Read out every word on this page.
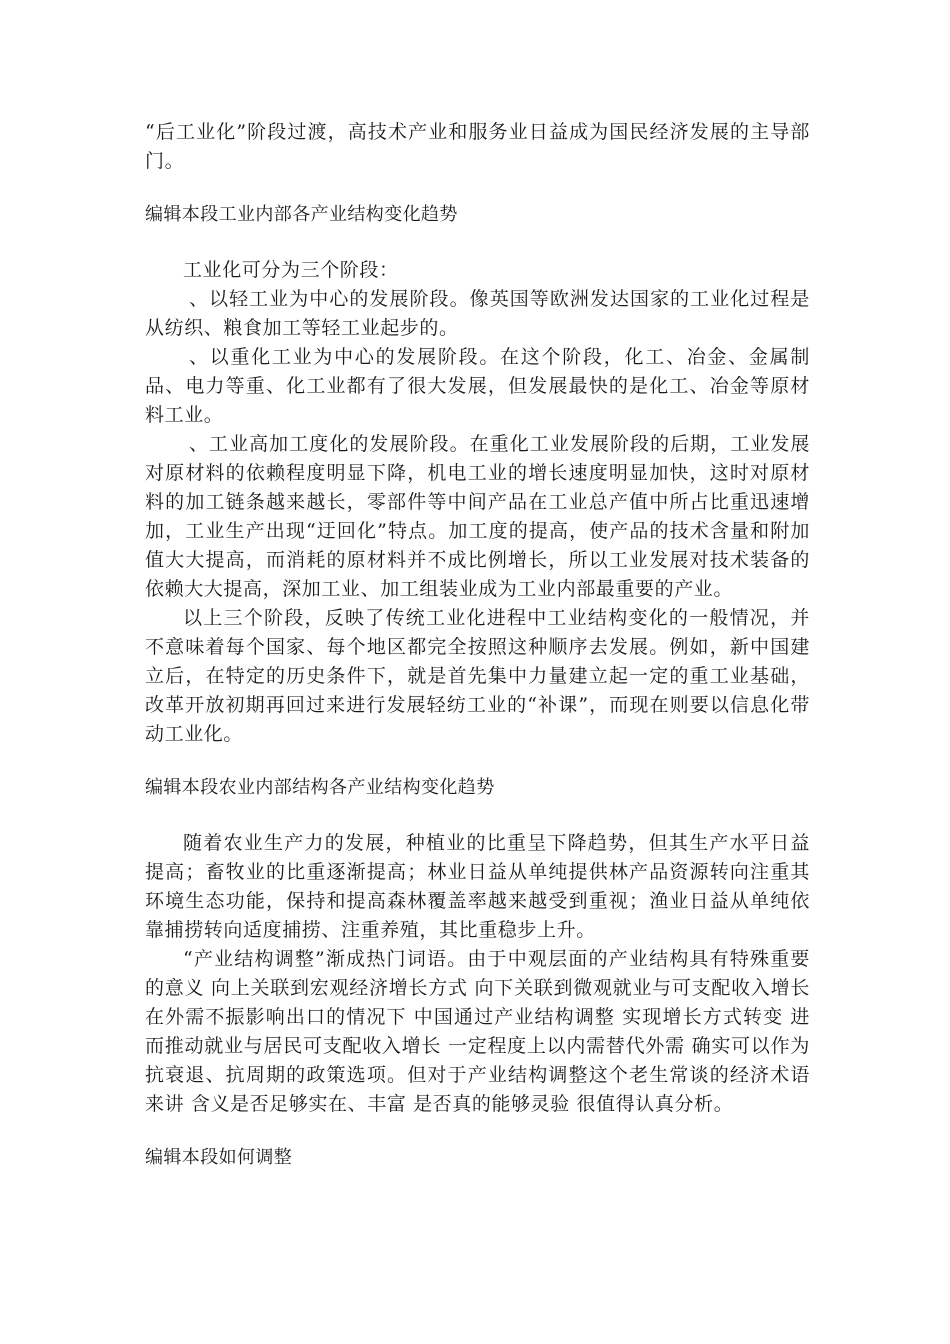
“后工业化”阶段过渡，高技术产业和服务业日益成为国民经济发展的主导部门。

编辑本段工业内部各产业结构变化趋势

工业化可分为三个阶段：

、以轻工业为中心的发展阶段。像英国等欧洲发达国家的工业化过程是从纺织、粮食加工等轻工业起步的。

、以重化工业为中心的发展阶段。在这个阶段，化工、冶金、金属制品、电力等重、化工业都有了很大发展，但发展最快的是化工、冶金等原材料工业。

、工业高加工度化的发展阶段。在重化工业发展阶段的后期，工业发展对原材料的依赖程度明显下降，机电工业的增长速度明显加快，这时对原材料的加工链条越来越长，零部件等中间产品在工业总产值中所占比重迅速增加，工业生产出现“迂回化”特点。加工度的提高，使产品的技术含量和附加值大大提高，而消耗的原材料并不成比例增长，所以工业发展对技术装备的依赖大大提高，深加工业、加工组装业成为工业内部最重要的产业。

以上三个阶段，反映了传统工业化进程中工业结构变化的一般情况，并不意味着每个国家、每个地区都完全按照这种顺序去发展。例如，新中国建立后，在特定的历史条件下，就是首先集中力量建立起一定的重工业基础，改革开放初期再回过来进行发展轻纺工业的“补课”，而现在则要以信息化带动工业化。

编辑本段农业内部结构各产业结构变化趋势

随着农业生产力的发展，种植业的比重呈下降趋势，但其生产水平日益提高；畜牧业的比重逐渐提高；林业日益从单纯提供林产品资源转向注重其环境生态功能，保持和提高森林覆盖率越来越受到重视；渔业日益从单纯依靠捕捞转向适度捕捞、注重养殖，其比重稳步上升。

“产业结构调整”渐成热门词语。由于中观层面的产业结构具有特殊重要的意义 向上关联到宏观经济增长方式 向下关联到微观就业与可支配收入增长 在外需不振影响出口的情况下 中国通过产业结构调整 实现增长方式转变 进而推动就业与居民可支配收入增长 一定程度上以内需替代外需 确实可以作为抗衰退、抗周期的政策选项。但对于产业结构调整这个老生常谈的经济术语来讲 含义是否足够实在、丰富 是否真的能够灵验 很值得认真分析。

编辑本段如何调整
